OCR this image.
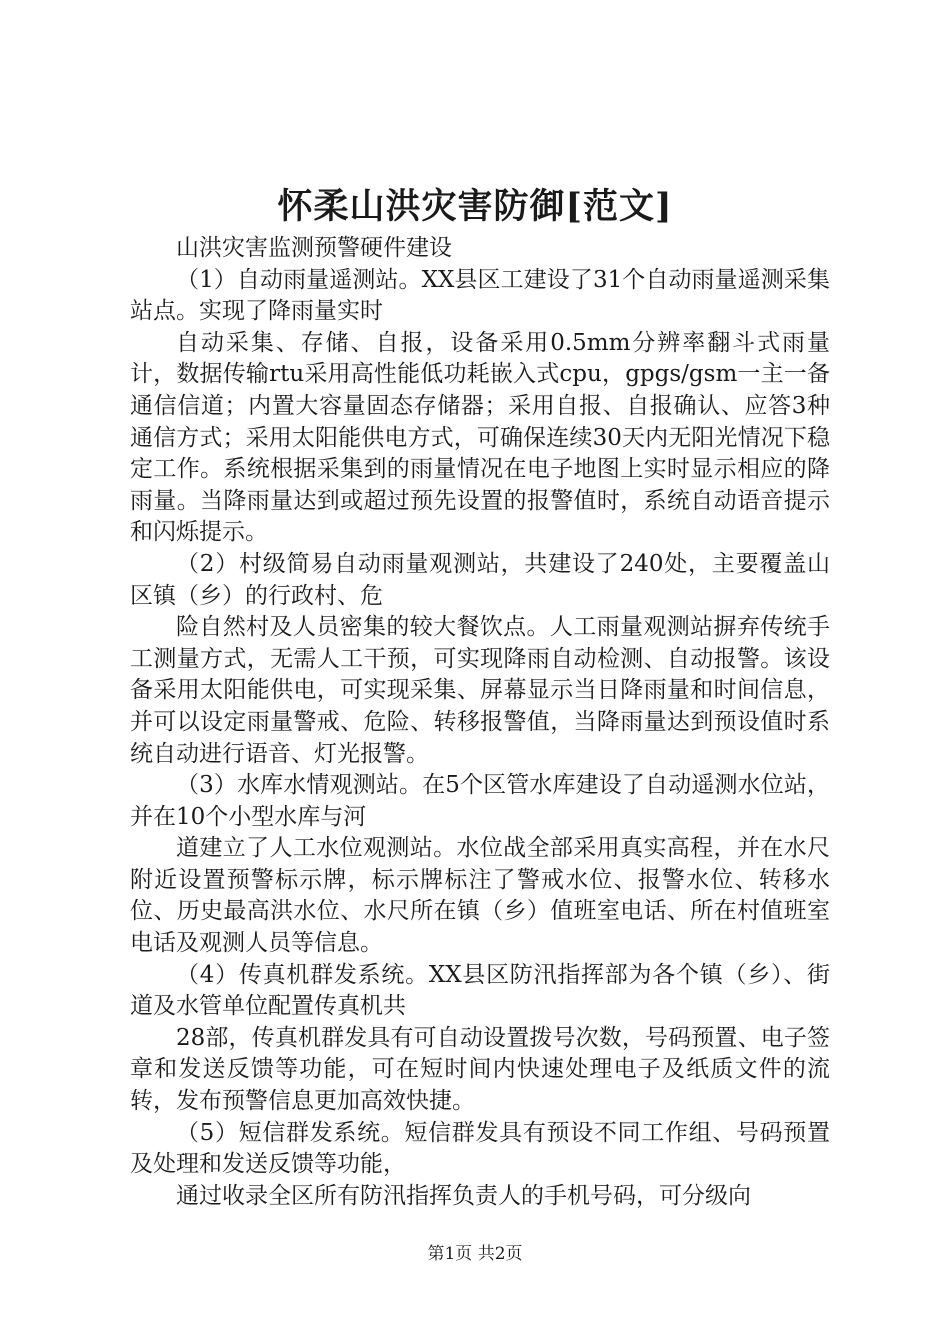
怀柔山洪灾害防御[范文]

山洪灾害监测预警硬件建设

（1）自动雨量遥测站。XX县区工建设了31个自动雨量遥测采集站点。实现了降雨量实时

自动采集、存储、自报，设备采用0.5mm分辨率翻斗式雨量计，数据传输rtu采用高性能低功耗嵌入式cpu，gpgs/gsm一主一备通信信道；内置大容量固态存储器；采用自报、自报确认、应答3种通信方式；采用太阳能供电方式，可确保连续30天内无阳光情况下稳定工作。系统根据采集到的雨量情况在电子地图上实时显示相应的降雨量。当降雨量达到或超过预先设置的报警值时，系统自动语音提示和闪烁提示。

（2）村级简易自动雨量观测站，共建设了240处，主要覆盖山区镇（乡）的行政村、危

险自然村及人员密集的较大餐饮点。人工雨量观测站摒弃传统手工测量方式，无需人工干预，可实现降雨自动检测、自动报警。该设备采用太阳能供电，可实现采集、屏幕显示当日降雨量和时间信息，并可以设定雨量警戒、危险、转移报警值，当降雨量达到预设值时系统自动进行语音、灯光报警。

（3）水库水情观测站。在5个区管水库建设了自动遥测水位站，并在10个小型水库与河

道建立了人工水位观测站。水位战全部采用真实高程，并在水尺附近设置预警标示牌，标示牌标注了警戒水位、报警水位、转移水位、历史最高洪水位、水尺所在镇（乡）值班室电话、所在村值班室电话及观测人员等信息。

（4）传真机群发系统。XX县区防汛指挥部为各个镇（乡）、街道及水管单位配置传真机共

28部，传真机群发具有可自动设置拨号次数，号码预置、电子签章和发送反馈等功能，可在短时间内快速处理电子及纸质文件的流转，发布预警信息更加高效快捷。

（5）短信群发系统。短信群发具有预设不同工作组、号码预置及处理和发送反馈等功能，

通过收录全区所有防汛指挥负责人的手机号码，可分级向

第1页 共2页
